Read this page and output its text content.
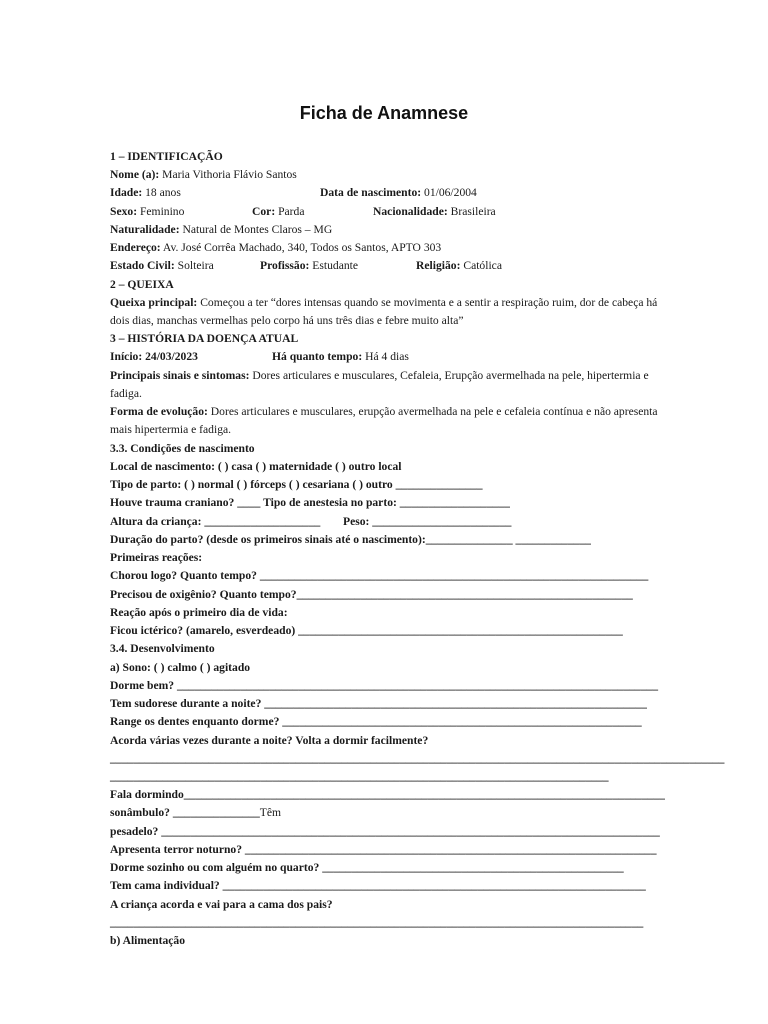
Ficha de Anamnese
1 – IDENTIFICAÇÃO
Nome (a): Maria Vithoria Flávio Santos
Idade: 18 anos	Data de nascimento: 01/06/2004
Sexo: Feminino	Cor: Parda	Nacionalidade: Brasileira
Naturalidade: Natural de Montes Claros – MG
Endereço: Av. José Corrêa Machado, 340, Todos os Santos, APTO 303
Estado Civil: Solteira	Profissão: Estudante	Religião: Católica
2 – QUEIXA
Queixa principal: Começou a ter “dores intensas quando se movimenta e a sentir a respiração ruim, dor de cabeça há
dois dias, manchas vermelhas pelo corpo há uns três dias e febre muito alta”
3 – HISTÓRIA DA DOENÇA ATUAL
Início: 24/03/2023	Há quanto tempo: Há 4 dias
Principais sinais e sintomas: Dores articulares e musculares, Cefaleia, Erupção avermelhada na pele, hipertermia e
fadiga.
Forma de evolução: Dores articulares e musculares, erupção avermelhada na pele e cefaleia contínua e não apresenta
mais hipertermia e fadiga.
3.3. Condições de nascimento
Local de nascimento: ( ) casa ( ) maternidade ( ) outro local
Tipo de parto: ( ) normal ( ) fórceps ( ) cesariana ( ) outro _______________
Houve trauma craniano? ____ Tipo de anestesia no parto: ___________________
Altura da criança: ____________________ Peso: ________________________
Duração do parto? (desde os primeiros sinais até o nascimento):_______________ _____________
Primeiras reações:
Chorou logo? Quanto tempo? ___________________________________________________________________
Precisou de oxigênio? Quanto tempo?__________________________________________________________
Reação após o primeiro dia de vida:
Ficou ictérico? (amarelo, esverdeado) ________________________________________________________
3.4. Desenvolvimento
a) Sono: ( ) calmo ( ) agitado
Dorme bem? ___________________________________________________________________________________
Tem sudorese durante a noite? __________________________________________________________________
Range os dentes enquanto dorme? ______________________________________________________________
Acorda várias vezes durante a noite? Volta a dormir facilmente?
__________________________________________________________________________________________________________
______________________________________________________________________________________
Fala dormindo___________________________________________________________________________________
sonâmbulo? _______________Têm
pesadelo? ______________________________________________________________________________________
Apresenta terror noturno? _______________________________________________________________________
Dorme sozinho ou com alguém no quarto? ____________________________________________________
Tem cama individual? _________________________________________________________________________
A criança acorda e vai para a cama dos pais?
____________________________________________________________________________________________
b) Alimentação
